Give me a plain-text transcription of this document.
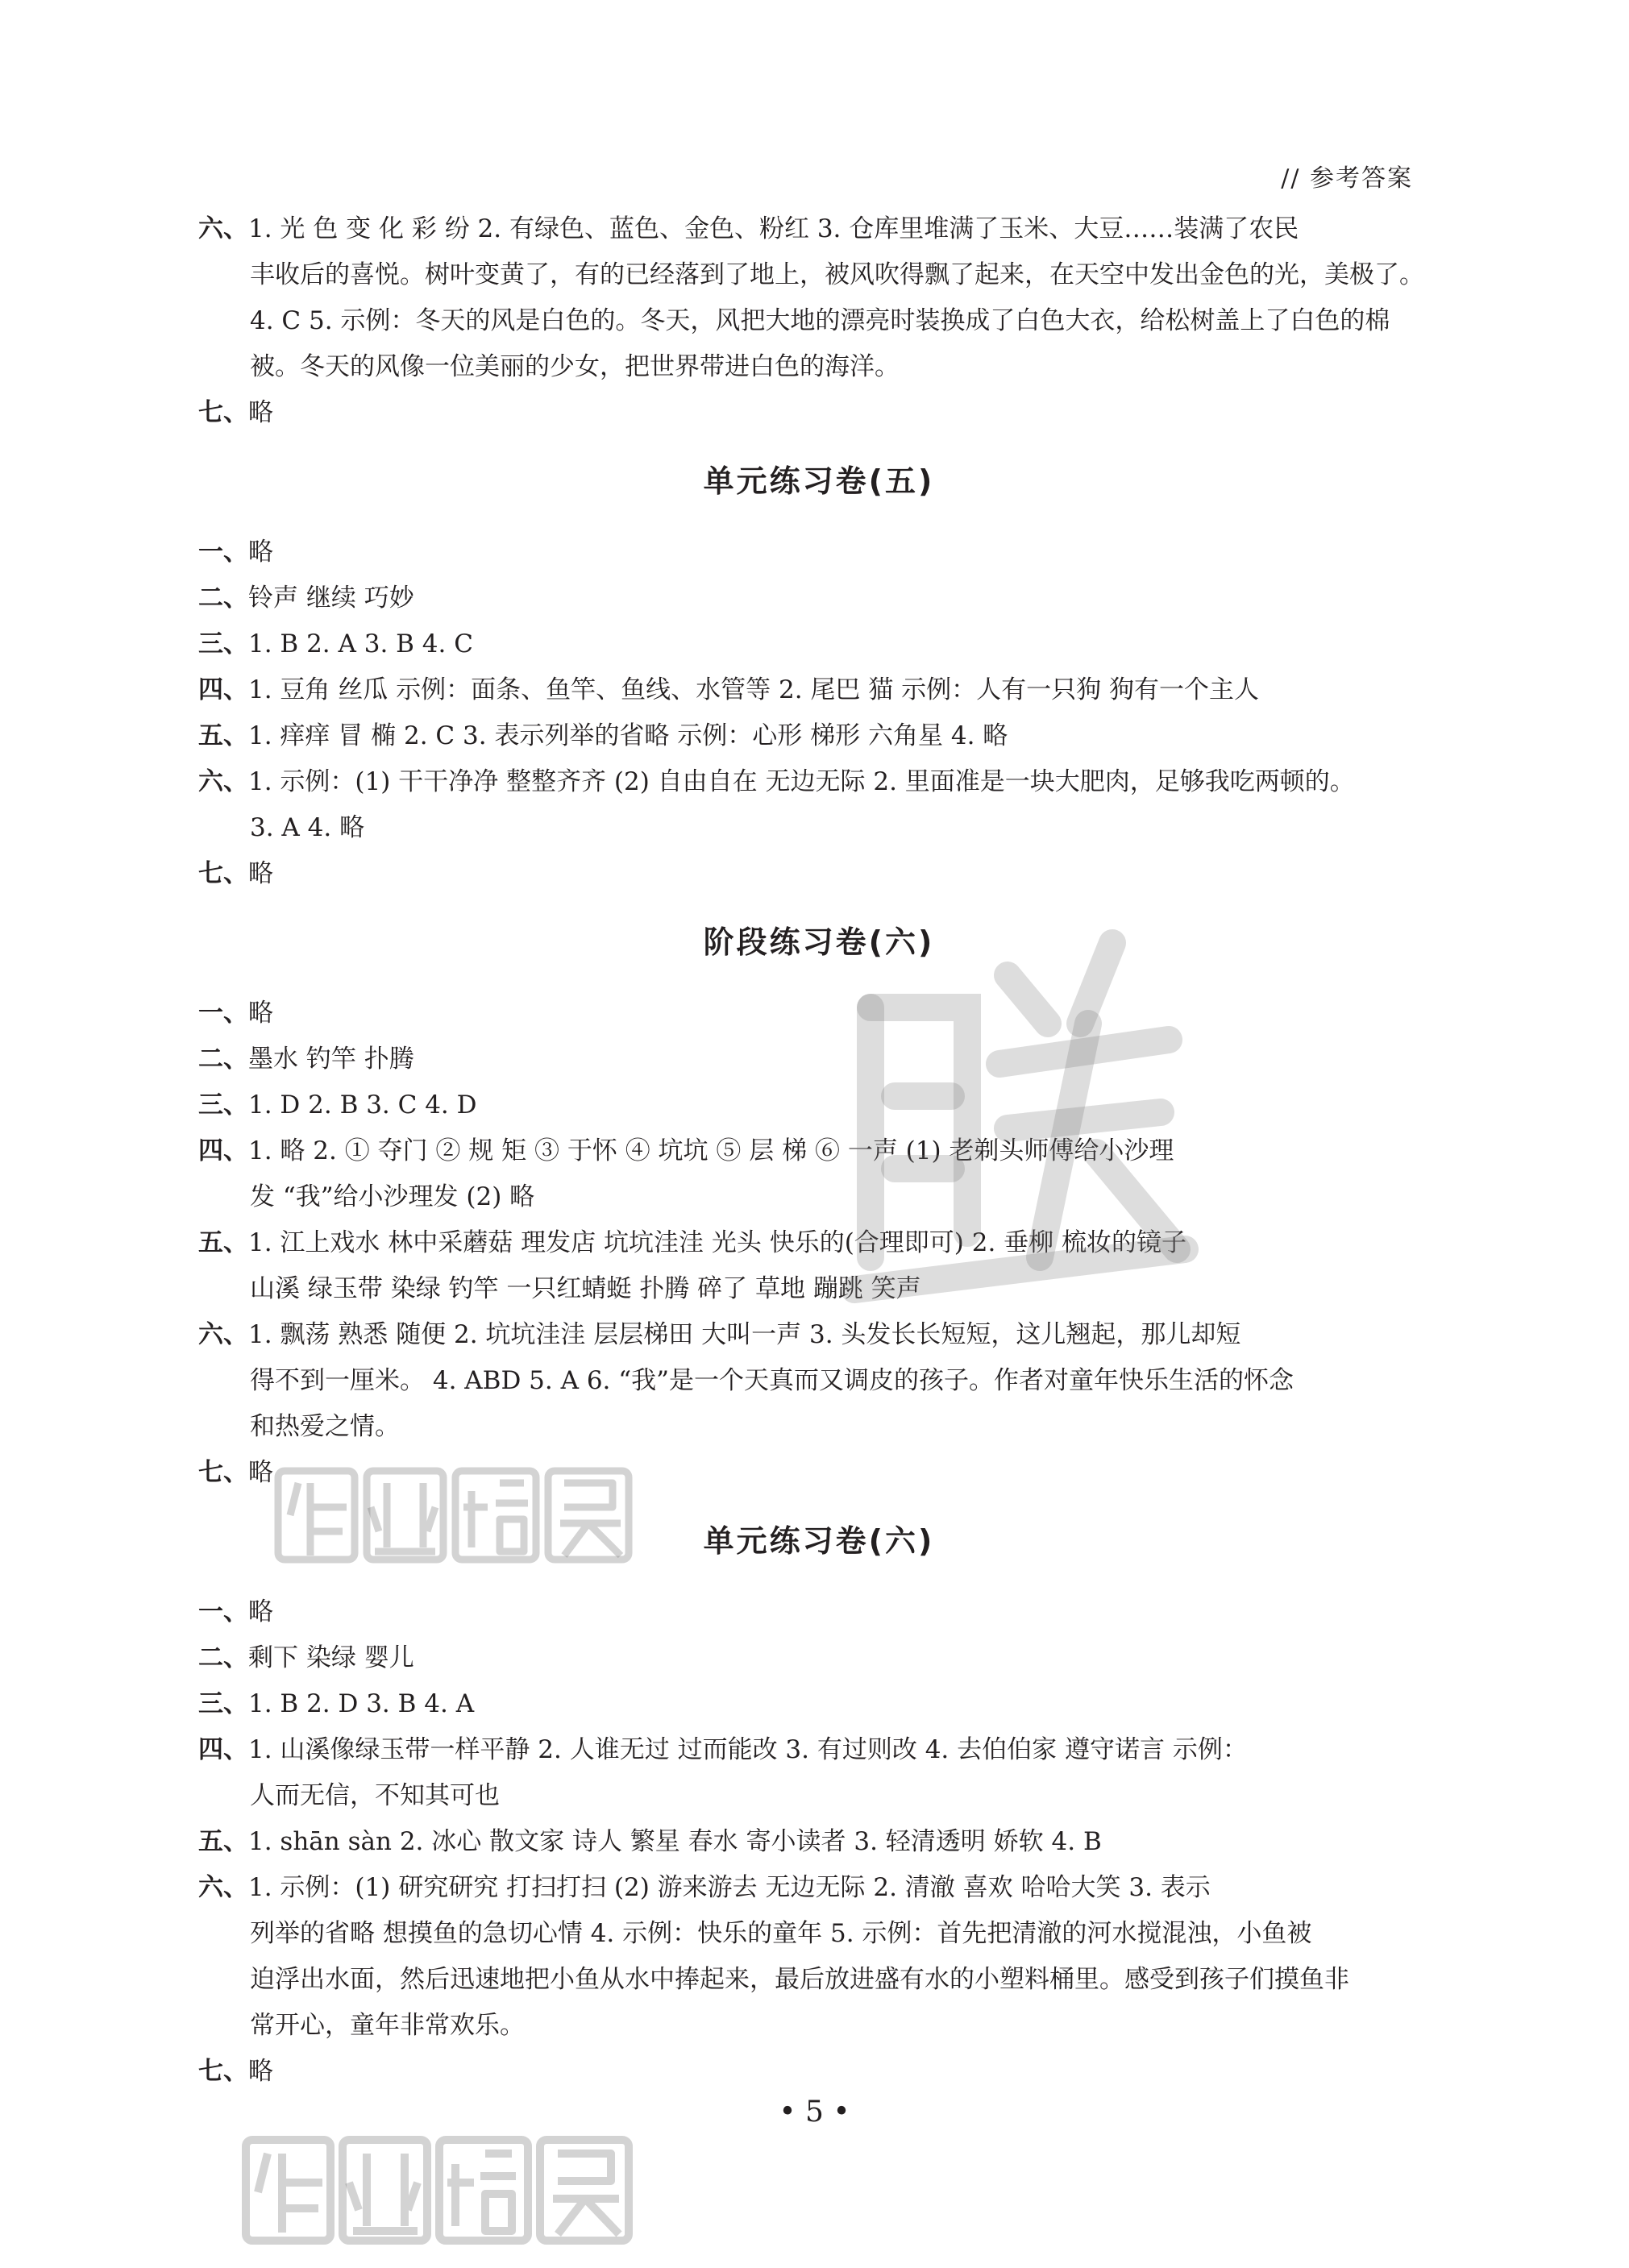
// 参考答案
六、1. 光 色 变 化 彩 纷 2. 有绿色、蓝色、金色、粉红 3. 仓库里堆满了玉米、大豆……装满了农民
丰收后的喜悦。树叶变黄了，有的已经落到了地上，被风吹得飘了起来，在天空中发出金色的光，美极了。
4. C 5. 示例：冬天的风是白色的。冬天，风把大地的漂亮时装换成了白色大衣，给松树盖上了白色的棉
被。冬天的风像一位美丽的少女，把世界带进白色的海洋。
七、略
单元练习卷(五)
一、略
二、铃声 继续 巧妙
三、1. B 2. A 3. B 4. C
四、1. 豆角 丝瓜 示例：面条、鱼竿、鱼线、水管等 2. 尾巴 猫 示例：人有一只狗 狗有一个主人
五、1. 痒痒 冒 椭 2. C 3. 表示列举的省略 示例：心形 梯形 六角星 4. 略
六、1. 示例：(1) 干干净净 整整齐齐 (2) 自由自在 无边无际 2. 里面准是一块大肥肉，足够我吃两顿的。
3. A 4. 略
七、略
阶段练习卷(六)
一、略
二、墨水 钓竿 扑腾
三、1. D 2. B 3. C 4. D
四、1. 略 2. ① 夺门 ② 规 矩 ③ 于怀 ④ 坑坑 ⑤ 层 梯 ⑥ 一声 (1) 老剃头师傅给小沙理
发 “我”给小沙理发 (2) 略
五、1. 江上戏水 林中采蘑菇 理发店 坑坑洼洼 光头 快乐的(合理即可) 2. 垂柳 梳妆的镜子
山溪 绿玉带 染绿 钓竿 一只红蜻蜓 扑腾 碎了 草地 蹦跳 笑声
六、1. 飘荡 熟悉 随便 2. 坑坑洼洼 层层梯田 大叫一声 3. 头发长长短短，这儿翘起，那儿却短
得不到一厘米。 4. ABD 5. A 6. “我”是一个天真而又调皮的孩子。作者对童年快乐生活的怀念
和热爱之情。
七、略
单元练习卷(六)
一、略
二、剩下 染绿 婴儿
三、1. B 2. D 3. B 4. A
四、1. 山溪像绿玉带一样平静 2. 人谁无过 过而能改 3. 有过则改 4. 去伯伯家 遵守诺言 示例：
人而无信，不知其可也
五、1. shān sàn 2. 冰心 散文家 诗人 繁星 春水 寄小读者 3. 轻清透明 娇软 4. B
六、1. 示例：(1) 研究研究 打扫打扫 (2) 游来游去 无边无际 2. 清澈 喜欢 哈哈大笑 3. 表示
列举的省略 想摸鱼的急切心情 4. 示例：快乐的童年 5. 示例：首先把清澈的河水搅混浊，小鱼被
迫浮出水面，然后迅速地把小鱼从水中捧起来，最后放进盛有水的小塑料桶里。感受到孩子们摸鱼非
常开心，童年非常欢乐。
七、略
• 5 •
